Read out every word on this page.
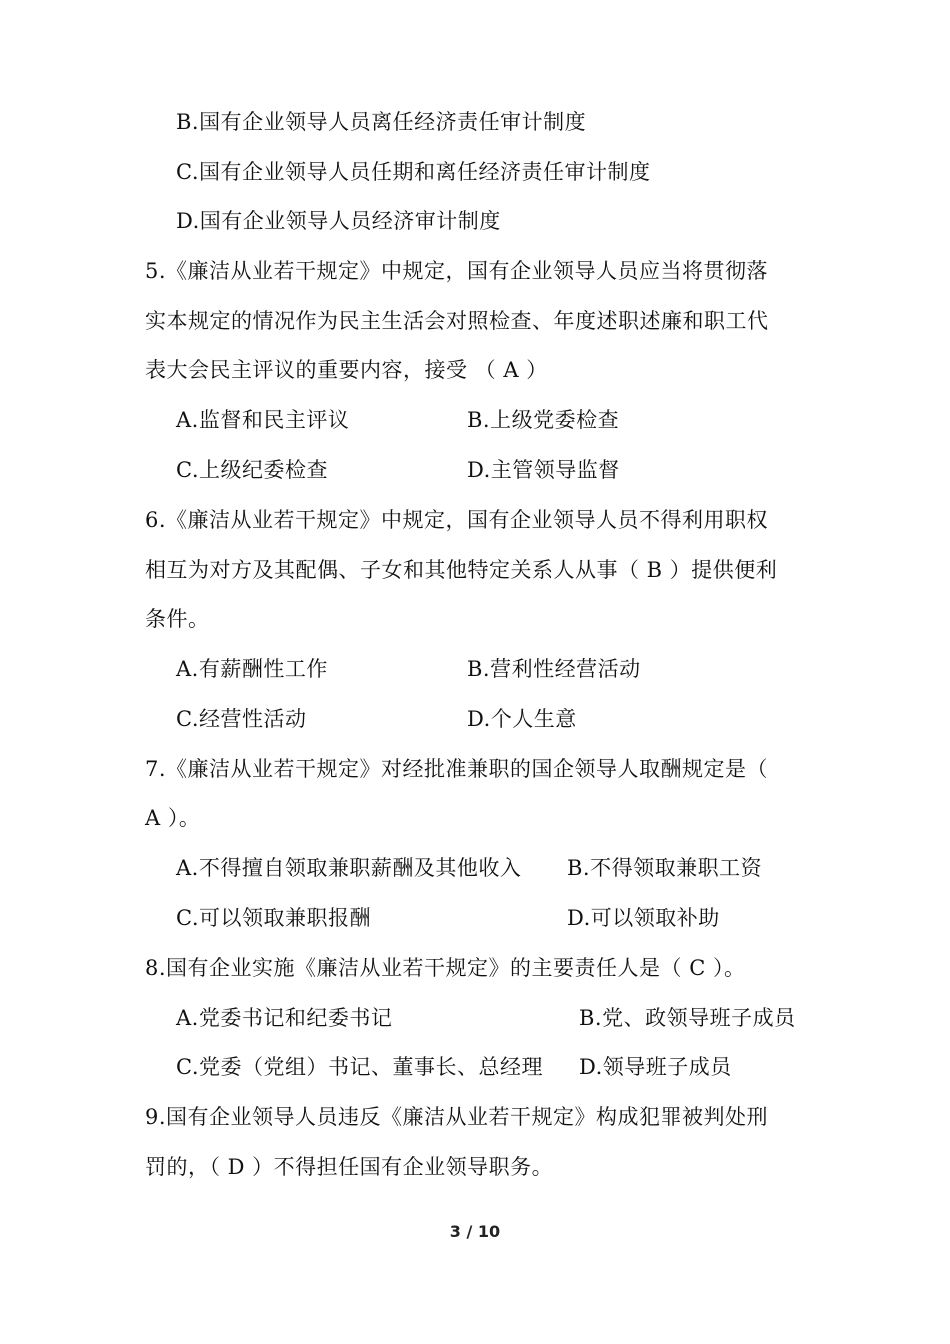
B.国有企业领导人员离任经济责任审计制度
C.国有企业领导人员任期和离任经济责任审计制度
D.国有企业领导人员经济审计制度
5.《廉洁从业若干规定》中规定，国有企业领导人员应当将贯彻落
实本规定的情况作为民主生活会对照检查、年度述职述廉和职工代
表大会民主评议的重要内容，接受 （ A ）
A.监督和民主评议	B.上级党委检查
C.上级纪委检查	D.主管领导监督
6.《廉洁从业若干规定》中规定，国有企业领导人员不得利用职权
相互为对方及其配偶、子女和其他特定关系人从事（ B ）提供便利
条件。
A.有薪酬性工作	B.营利性经营活动
C.经营性活动	D.个人生意
7.《廉洁从业若干规定》对经批准兼职的国企领导人取酬规定是（
A ）。
A.不得擅自领取兼职薪酬及其他收入 B.不得领取兼职工资
C.可以领取兼职报酬	D.可以领取补助
8.国有企业实施《廉洁从业若干规定》的主要责任人是（ C ）。
A.党委书记和纪委书记	B.党、政领导班子成员
C.党委（党组）书记、董事长、总经理 D.领导班子成员
9.国有企业领导人员违反《廉洁从业若干规定》构成犯罪被判处刑
罚的，（ D ）不得担任国有企业领导职务。
3 / 10
